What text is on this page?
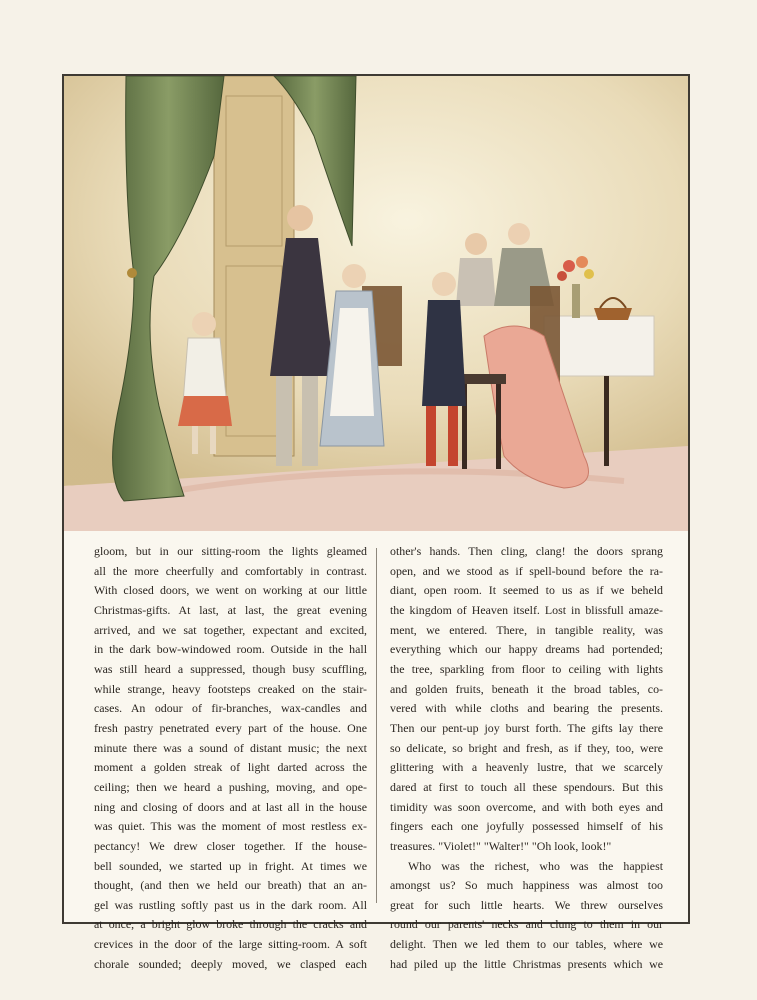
gloom, but in our sitting-room the lights gleamed
all the more cheerfully and comfortably in contrast.
With closed doors, we went on working at our little
Christmas-gifts. At last, at last, the great evening
arrived, and we sat together, expectant and excited,
in the dark bow-windowed room. Outside in the hall
was still heard a suppressed, though busy scuffling,
while strange, heavy footsteps creaked on the stair-
cases. An odour of fir-branches, wax-candles and
fresh pastry penetrated every part of the house. One
minute there was a sound of distant music; the next
moment a golden streak of light darted across the
ceiling; then we heard a pushing, moving, and ope-
ning and closing of doors and at last all in the house
was quiet. This was the moment of most restless ex-
pectancy! We drew closer together. If the house-
bell sounded, we started up in fright. At times we
thought, (and then we held our breath) that an an-
gel was rustling softly past us in the dark room. All
at once, a bright glow broke through the cracks and
crevices in the door of the large sitting-room. A soft
chorale sounded; deeply moved, we clasped each
other's hands. Then cling, clang! the doors sprang
open, and we stood as if spell-bound before the ra-
diant, open room. It seemed to us as if we beheld
the kingdom of Heaven itself. Lost in blissfull amaze-
ment, we entered. There, in tangible reality, was
everything which our happy dreams had portended;
the tree, sparkling from floor to ceiling with lights
and golden fruits, beneath it the broad tables, co-
vered with while cloths and bearing the presents.
Then our pent-up joy burst forth. The gifts lay there
so delicate, so bright and fresh, as if they, too, were
glittering with a heavenly lustre, that we scarcely
dared at first to touch all these spendours. But this
timidity was soon overcome, and with both eyes and
fingers each one joyfully possessed himself of his
treasures. "Violet!" "Walter!" "Oh look, look!"
Who was the richest, who was the happiest
amongst us? So much happiness was almost too
great for such little hearts. We threw ourselves
round our parents' necks and clung to them in our
delight. Then we led them to our tables, where we
had piled up the little Christmas presents which we
